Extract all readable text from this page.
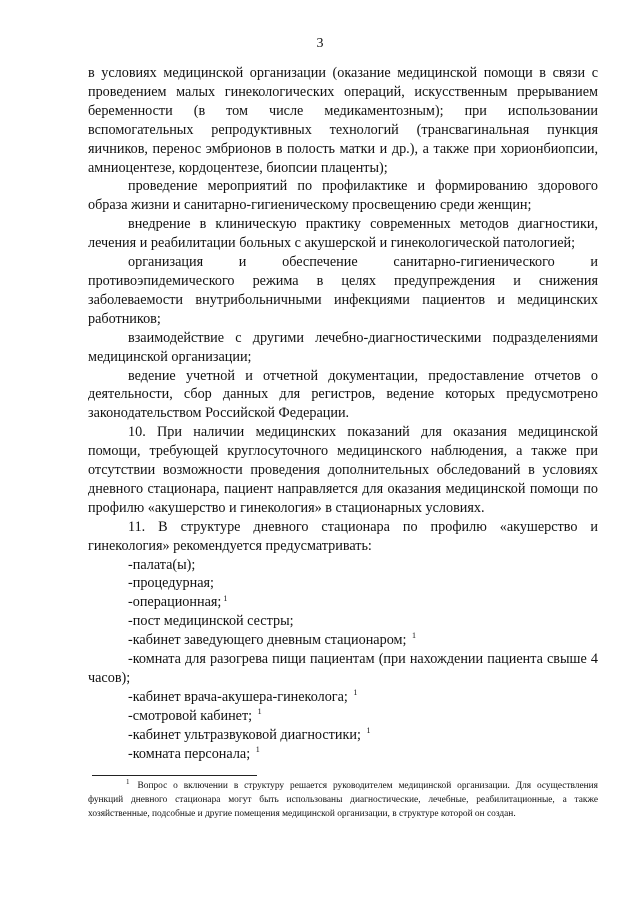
3

в условиях медицинской организации (оказание медицинской помощи в связи с проведением малых гинекологических операций, искусственным прерыванием беременности (в том числе медикаментозным); при использовании вспомогательных репродуктивных технологий (трансвагинальная пункция яичников, перенос эмбрионов в полость матки и др.), а также при хорионбиопсии, амниоцентезе, кордоцентезе, биопсии плаценты);

проведение мероприятий по профилактике и формированию здорового образа жизни и санитарно-гигиеническому просвещению среди женщин;

внедрение в клиническую практику современных методов диагностики, лечения и реабилитации больных с акушерской и гинекологической патологией;

организация и обеспечение санитарно-гигиенического и противоэпидемического режима в целях предупреждения и снижения заболеваемости внутрибольничными инфекциями пациентов и медицинских работников;

взаимодействие с другими лечебно-диагностическими подразделениями медицинской организации;

ведение учетной и отчетной документации, предоставление отчетов о деятельности, сбор данных для регистров, ведение которых предусмотрено законодательством Российской Федерации.

10. При наличии медицинских показаний для оказания медицинской помощи, требующей круглосуточного медицинского наблюдения, а также при отсутствии возможности проведения дополнительных обследований в условиях дневного стационара, пациент направляется для оказания медицинской помощи по профилю «акушерство и гинекология» в стационарных условиях.

11. В структуре дневного стационара по профилю «акушерство и гинекология» рекомендуется предусматривать:

-палата(ы);

-процедурная;

-операционная; $^1$

-пост медицинской сестры;

-кабинет заведующего дневным стационаром; $^1$

-комната для разогрева пищи пациентам (при нахождении пациента свыше 4 часов);

-кабинет врача-акушера-гинеколога; $^1$

-смотровой кабинет; $^1$

-кабинет ультразвуковой диагностики; $^1$

-комната персонала; $^1$

$^1$ Вопрос о включении в структуру решается руководителем медицинской организации. Для осуществления функций дневного стационара могут быть использованы диагностические, лечебные, реабилитационные, а также хозяйственные, подсобные и другие помещения медицинской организации, в структуре которой он создан.
